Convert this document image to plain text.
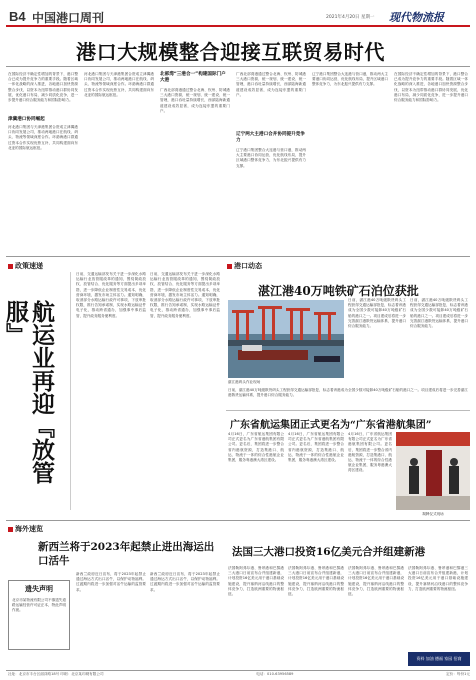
B4 中国港口周刊	2021年4月20日 星期一 现代物流报
港口大规模整合迎接互联贸易时代
在国际经济不确定性增加的背景下，港口整合已成为提升竞争力的重要手段。随着区域一体化战略的深入推进，各地港口加快资源整合步伐，以资本为纽带推动港口群协同发展，优化港口布局，减少同质化竞争，进一步提升港口综合服务能力和国际影响力。
津冀港口协同崛起
河北港口集团与天津港集团合资成立津冀港口协同发展公司，推动两地港口在航线、码头、物流等领域深度合作。环渤海港口群通过资本合作实现优势互补，共同构建面向东北亚的国际航运枢纽。
河北港口集团与天津港集团合资成立津冀港口协同发展公司，推动两地港口在航线、码头、物流等领域深度合作。环渤海港口群通过资本合作实现优势互补，共同构建面向东北亚的国际航运枢纽。
北部湾“三港合一”构建国际门户大港
广西北部湾港通过整合北海、钦州、防城港三大港口资源，统一规划、统一建设、统一管理，港口吞吐量持续增长，西部陆海新通道建设成效显著，成为连接东盟的重要门户。
广西北部湾港通过整合北海、钦州、防城港三大港口资源，统一规划、统一建设、统一管理，港口吞吐量持续增长，西部陆海新通道建设成效显著，成为连接东盟的重要门户。
辽宁两大主港口合并协同提升竞争力
辽宁港口集团整合大连港与营口港，推动两大主要港口协同运营，优化航线布局，提升区域港口整体竞争力，为东北振兴提供有力支撑。
辽宁港口集团整合大连港与营口港，推动两大主要港口协同运营，优化航线布局，提升区域港口整体竞争力，为东北振兴提供有力支撑。
在国际经济不确定性增加的背景下，港口整合已成为提升竞争力的重要手段。随着区域一体化战略的深入推进，各地港口加快资源整合步伐，以资本为纽带推动港口群协同发展，优化港口布局，减少同质化竞争，进一步提升港口综合服务能力和国际影响力。
政策速递
航运业再迎『放管服』
日前，交通运输部发布关于进一步深化水路运输行业放管服改革的通知，围绕简政放权、放管结合、优化服务等方面提出多项举措，进一步降低企业制度性交易成本，优化营商环境，激发市场主体活力。通知明确，取消部分水路运输行政许可事项，下放审批权限，推行告知承诺制，实现水路运输证件电子化，推动跨省通办，加强事中事后监管，提升政务服务便利度。
日前，交通运输部发布关于进一步深化水路运输行业放管服改革的通知，围绕简政放权、放管结合、优化服务等方面提出多项举措，进一步降低企业制度性交易成本，优化营商环境，激发市场主体活力。通知明确，取消部分水路运输行政许可事项，下放审批权限，推行告知承诺制，实现水路运输证件电子化，推动跨省通办，加强事中事后监管，提升政务服务便利度。
港口动态
湛江港40万吨铁矿石泊位获批
日前，湛江港40万吨级散货码头工程获得交通运输部批复，标志着该港成为全国少数可接卸40万吨级矿石船的港口之一。项目建成后将进一步完善湛江港散货运输体系，提升港口综合服务能力。
日前，湛江港40万吨级散货码头工程获得交通运输部批复，标志着该港成为全国少数可接卸40万吨级矿石船的港口之一。项目建成后将进一步完善湛江港散货运输体系，提升港口综合服务能力。
湛江港码头作业现场
日前，湛江港40万吨级散货码头工程获得交通运输部批复，标志着该港成为全国少数可接卸40万吨级矿石船的港口之一。项目建成后将进一步完善湛江港散货运输体系，提升港口综合服务能力。
广东省航运集团正式更名为“广东省港航集团”
4月16日，广东省航运集团有限公司正式更名为广东省港航集团有限公司。更名后，集团将进一步整合省内港航资源，打造集港口、航运、物流于一体的综合性港航企业集团，服务粤港澳大湾区建设。
4月16日，广东省航运集团有限公司正式更名为广东省港航集团有限公司。更名后，集团将进一步整合省内港航资源，打造集港口、航运、物流于一体的综合性港航企业集团，服务粤港澳大湾区建设。
4月16日，广东省航运集团有限公司正式更名为广东省港航集团有限公司。更名后，集团将进一步整合省内港航资源，打造集港口、航运、物流于一体的综合性港航企业集团，服务粤港澳大湾区建设。
揭牌仪式现场
海外速览
新西兰将于2023年起禁止进出海运出口活牛
新西兰政府近日宣布，将于2023年起禁止通过海运方式出口活牛，以保护动物福利。过渡期内将进一步加强对活牛运输的监管要求。
新西兰政府近日宣布，将于2023年起禁止通过海运方式出口活牛，以保护动物福利。过渡期内将进一步加强对活牛运输的监管要求。
遗失声明
北京市某物流有限公司不慎遗失道路运输经营许可证正本，特此声明作废。
法国三大港口投资16亿美元合并组建新港
法国勒阿弗尔港、鲁昂港和巴黎港三大港口日前宣布合并组建新港，计划投资16亿美元用于港口基础设施建设，提升塞纳河沿线港口的整体竞争力，打造欧洲重要的物流枢纽。
法国勒阿弗尔港、鲁昂港和巴黎港三大港口日前宣布合并组建新港，计划投资16亿美元用于港口基础设施建设，提升塞纳河沿线港口的整体竞争力，打造欧洲重要的物流枢纽。
法国勒阿弗尔港、鲁昂港和巴黎港三大港口日前宣布合并组建新港，计划投资16亿美元用于港口基础设施建设，提升塞纳河沿线港口的整体竞争力，打造欧洲重要的物流枢纽。
法国勒阿弗尔港、鲁昂港和巴黎港三大港口日前宣布合并组建新港，计划投资16亿美元用于港口基础设施建设，提升塞纳河沿线港口的整体竞争力，打造欧洲重要的物流枢纽。
资料 加油 德福 家园 招商
社址：北京市丰台区丽泽路18号 印刷：北京某印刷有限公司	电话：010-63956589	定价：每份1元
